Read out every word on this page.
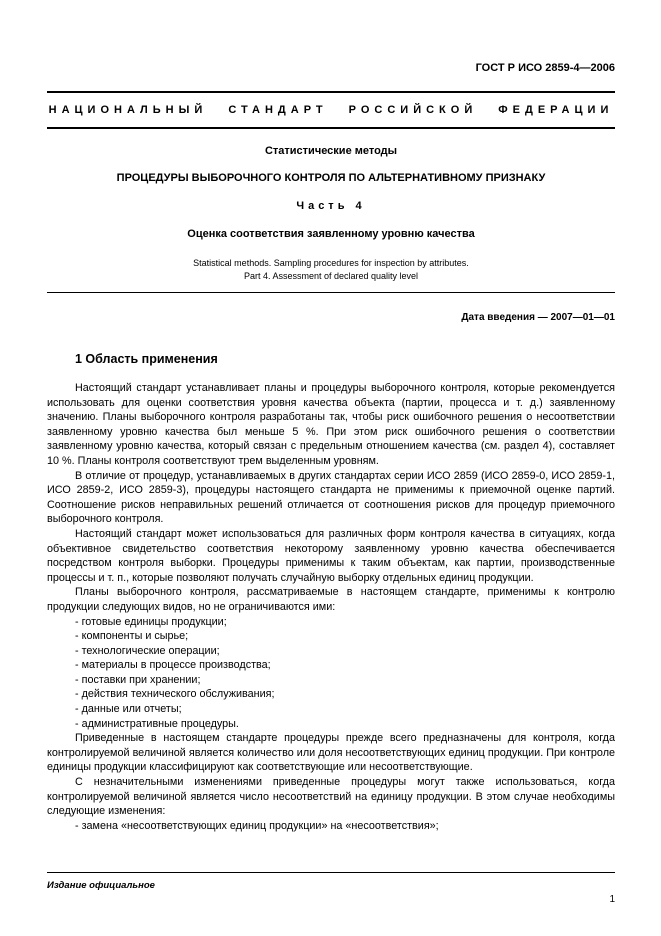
ГОСТ Р ИСО 2859-4—2006
НАЦИОНАЛЬНЫЙ СТАНДАРТ РОССИЙСКОЙ ФЕДЕРАЦИИ
Статистические методы
ПРОЦЕДУРЫ ВЫБОРОЧНОГО КОНТРОЛЯ ПО АЛЬТЕРНАТИВНОМУ ПРИЗНАКУ
Часть 4
Оценка соответствия заявленному уровню качества
Statistical methods. Sampling procedures for inspection by attributes.
Part 4. Assessment of declared quality level
Дата введения — 2007—01—01
1 Область применения
Настоящий стандарт устанавливает планы и процедуры выборочного контроля, которые рекомендуется использовать для оценки соответствия уровня качества объекта (партии, процесса и т. д.) заявленному значению. Планы выборочного контроля разработаны так, чтобы риск ошибочного решения о несоответствии заявленному уровню качества был меньше 5 %. При этом риск ошибочного решения о соответствии заявленному уровню качества, который связан с предельным отношением качества (см. раздел 4), составляет 10 %. Планы контроля соответствуют трем выделенным уровням.
В отличие от процедур, устанавливаемых в других стандартах серии ИСО 2859 (ИСО 2859-0, ИСО 2859-1, ИСО 2859-2, ИСО 2859-3), процедуры настоящего стандарта не применимы к приемочной оценке партий. Соотношение рисков неправильных решений отличается от соотношения рисков для процедур приемочного выборочного контроля.
Настоящий стандарт может использоваться для различных форм контроля качества в ситуациях, когда объективное свидетельство соответствия некоторому заявленному уровню качества обеспечивается посредством контроля выборки. Процедуры применимы к таким объектам, как партии, производственные процессы и т. п., которые позволяют получать случайную выборку отдельных единиц продукции.
Планы выборочного контроля, рассматриваемые в настоящем стандарте, применимы к контролю продукции следующих видов, но не ограничиваются ими:
- готовые единицы продукции;
- компоненты и сырье;
- технологические операции;
- материалы в процессе производства;
- поставки при хранении;
- действия технического обслуживания;
- данные или отчеты;
- административные процедуры.
Приведенные в настоящем стандарте процедуры прежде всего предназначены для контроля, когда контролируемой величиной является количество или доля несоответствующих единиц продукции. При контроле единицы продукции классифицируют как соответствующие или несоответствующие.
С незначительными изменениями приведенные процедуры могут также использоваться, когда контролируемой величиной является число несоответствий на единицу продукции. В этом случае необходимы следующие изменения:
- замена «несоответствующих единиц продукции» на «несоответствия»;
Издание официальное
1
